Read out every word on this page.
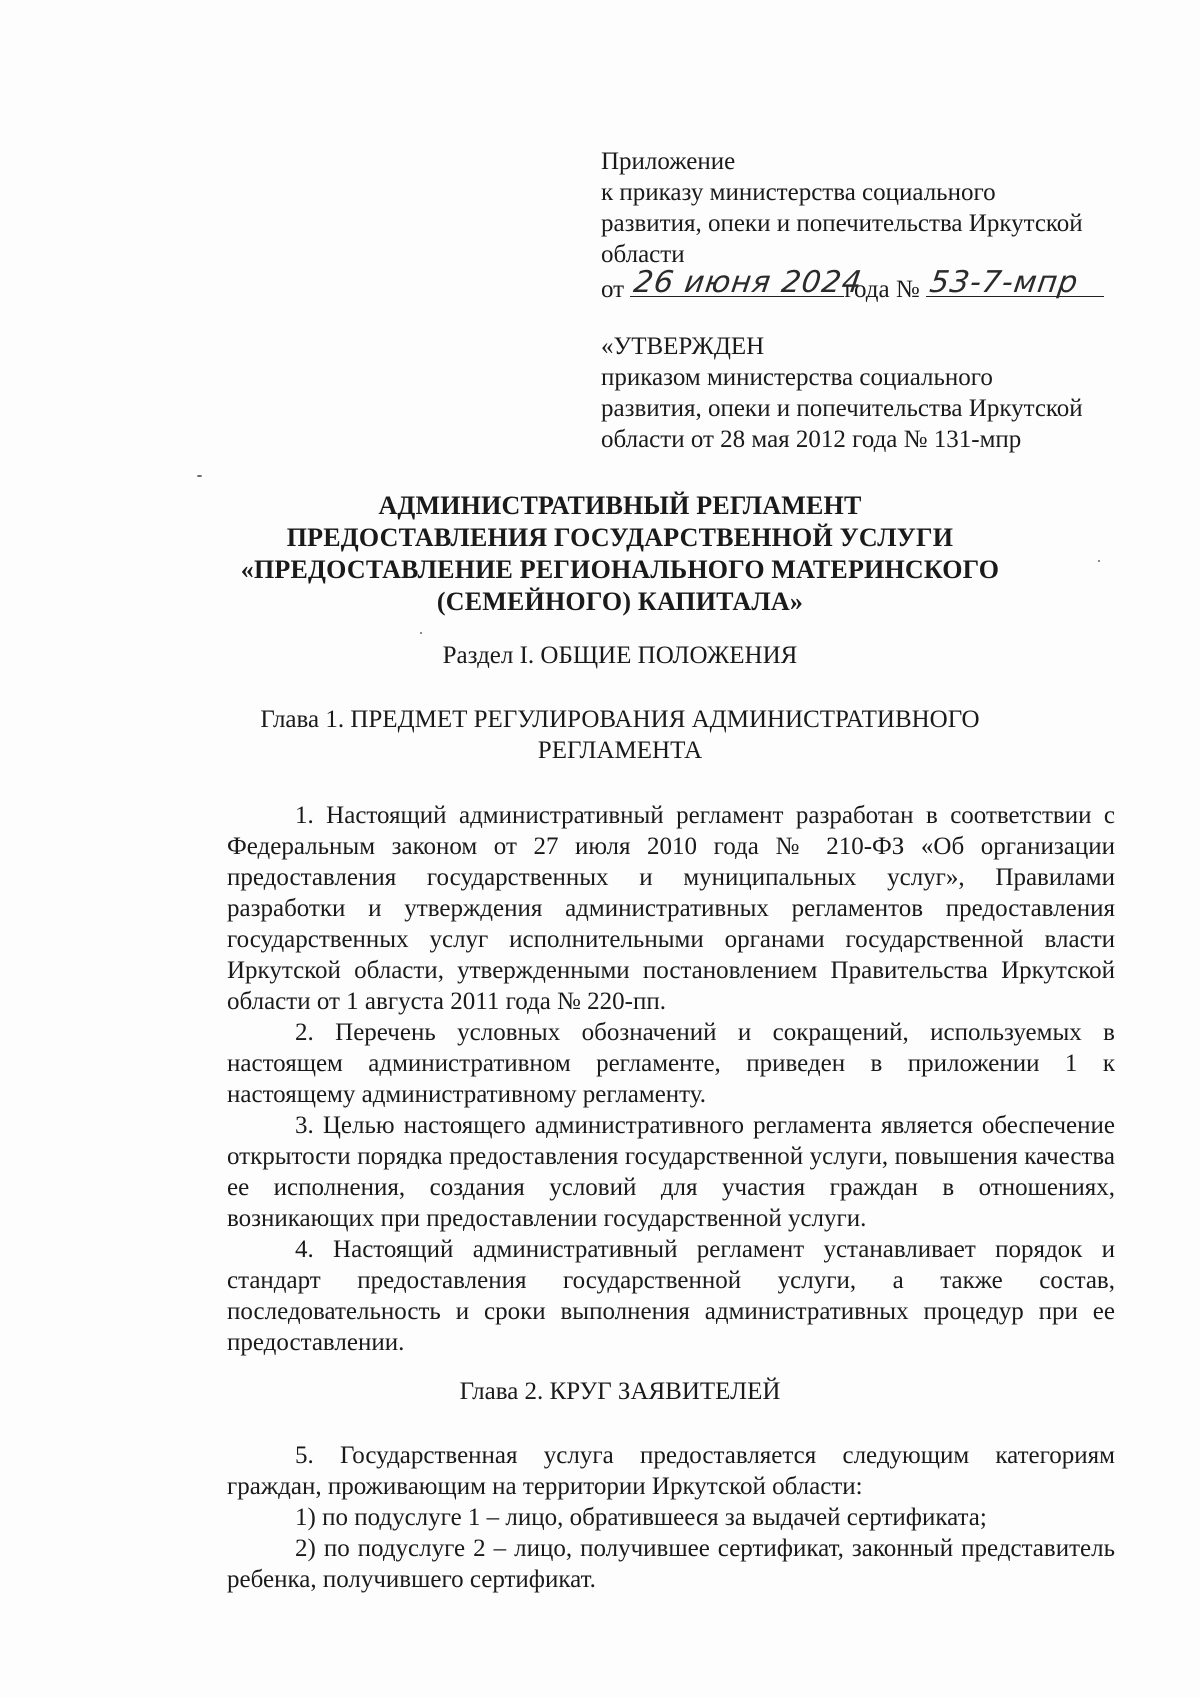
Приложение
к приказу министерства социального
развития, опеки и попечительства Иркутской
области
от 26 июня 2024
года № 53-7-мпр
«УТВЕРЖДЕН
приказом министерства социального
развития, опеки и попечительства Иркутской
области от 28 мая 2012 года № 131-мпр
АДМИНИСТРАТИВНЫЙ РЕГЛАМЕНТ
ПРЕДОСТАВЛЕНИЯ ГОСУДАРСТВЕННОЙ УСЛУГИ
«ПРЕДОСТАВЛЕНИЕ РЕГИОНАЛЬНОГО МАТЕРИНСКОГО
(СЕМЕЙНОГО) КАПИТАЛА»
Раздел I. ОБЩИЕ ПОЛОЖЕНИЯ
Глава 1. ПРЕДМЕТ РЕГУЛИРОВАНИЯ АДМИНИСТРАТИВНОГО
РЕГЛАМЕНТА

1. Настоящий административный регламент разработан в соответствии с Федеральным законом от 27 июля 2010 года № 210-ФЗ «Об организации предоставления государственных и муниципальных услуг», Правилами разработки и утверждения административных регламентов предоставления государственных услуг исполнительными органами государственной власти Иркутской области, утвержденными постановлением Правительства Иркутской области от 1 августа 2011 года № 220-пп.

2. Перечень условных обозначений и сокращений, используемых в настоящем административном регламенте, приведен в приложении 1 к настоящему административному регламенту.

3. Целью настоящего административного регламента является обеспечение открытости порядка предоставления государственной услуги, повышения качества ее исполнения, создания условий для участия граждан в отношениях, возникающих при предоставлении государственной услуги.

4. Настоящий административный регламент устанавливает порядок и стандарт предоставления государственной услуги, а также состав, последовательность и сроки выполнения административных процедур при ее предоставлении.

Глава 2. КРУГ ЗАЯВИТЕЛЕЙ

5. Государственная услуга предоставляется следующим категориям граждан, проживающим на территории Иркутской области:

1) по подуслуге 1 – лицо, обратившееся за выдачей сертификата;

2) по подуслуге 2 – лицо, получившее сертификат, законный представитель ребенка, получившего сертификат.
